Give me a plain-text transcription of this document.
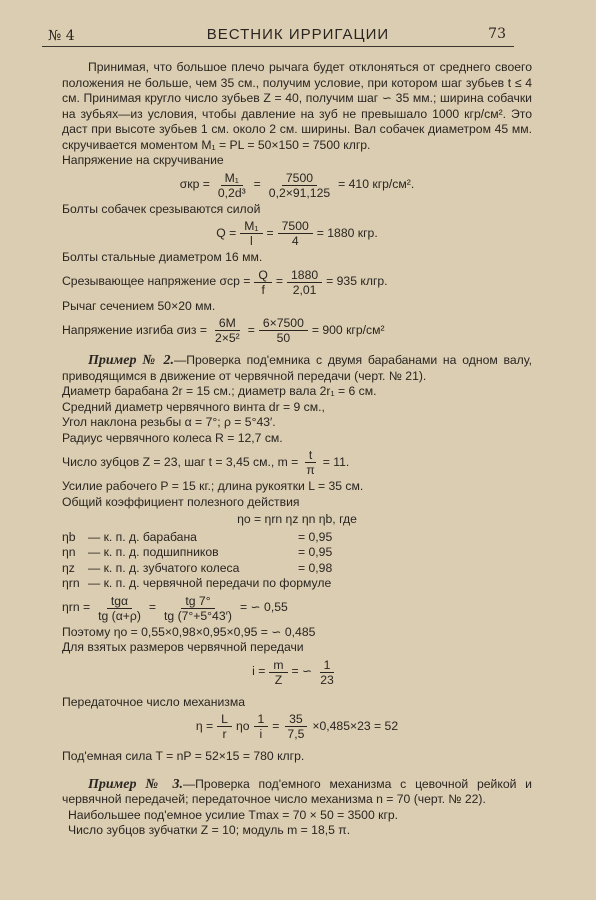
№ 4	ВЕСТНИК ИРРИГАЦИИ	73

Принимая, что большое плечо рычага будет отклоняться от среднего своего положения не больше, чем 35 см., получим условие, при котором шаг зубьев t ≤ 4 см. Принимая кругло число зубьев Z = 40, получим шаг ∽ 35 мм.; ширина собачки на зубьях—из условия, чтобы давление на зуб не превышало 1000 кгр/см². Это даст при высоте зубьев 1 см. около 2 см. ширины. Вал собачек диаметром 45 мм. скручивается моментом M₁ = PL = 50×150 = 7500 клгр.

Напряжение на скручивание

$\sigma кр = \frac{\text{M₁}}{\text{0,2d³}} = \frac{7500}{0,2\times 91,125} = 410$ кгр/см².

Болты собачек срезываются силой

$Q = \frac{\text{M₁}}{l} = \frac{7500}{4} = 1880$ кгр.

Болты стальные диаметром 16 мм.

Срезывающее напряжение $\sigma ср = \frac{Q}{f} = \frac{1880}{2,01} = 935$ клгр.

Рычаг сечением 50×20 мм.

Напряжение изгиба $\sigma из = \frac{6M}{\text{2×5²}} = \frac{6\times 7500}{50} = 900$ кгр/см²

Пример № 2.—Проверка под'емника с двумя барабанами на одном валу, приводящимся в движение от червячной передачи (черт. № 21).

Диаметр барабана 2r = 15 см.; диаметр вала 2r₁ = 6 см.

Средний диаметр червячного винта dr = 9 см.,

Угол наклона резьбы α = 7°; ρ = 5°43′.

Радиус червячного колеса R = 12,7 см.

Число зубцов Z = 23, шаг t = 3,45 см., $m = \frac{t}{\pi} = 11$.

Усилие рабочего P = 15 кг.; длина рукоятки L = 35 см.

Общий коэффициент полезного действия

ηo = ηrn ηz ηn ηb, где
ηb	— к. п. д. барабана	= 0,95
ηn	— к. п. д. подшипников	= 0,95
ηz	— к. п. д. зубчатого колеса	= 0,98
ηrn — к. п. д. червячной передачи по формуле
$\eta rn = \frac{\text{tgα}}{tg (\alpha+\rho)} = \frac{tg 7^\circ}{tg (7^\circ+5^\circ 43')}$ = ∽ 0,55

Поэтому ηo = 0,55×0,98×0,95×0,95 = ∽ 0,485

Для взятых размеров червячной передачи

$i = \frac{m}{Z}$ = ∽ $\frac{1}{23}$

Передаточное число механизма

$\eta = \frac{L}{r}$ ηo $\frac{1}{i} = \frac{35}{7,5} \times 0,485\times 23 = 52$

Под'емная сила T = nP = 52×15 = 780 клгр.

Пример № 3.—Проверка под'емного механизма с цевочной рейкой и червячной передачей; передаточное число механизма n = 70 (черт. № 22).

Наибольшее под'емное усилие Tmax = 70 × 50 = 3500 кгр.

Число зубцов зубчатки Z = 10; модуль m = 18,5 π.
